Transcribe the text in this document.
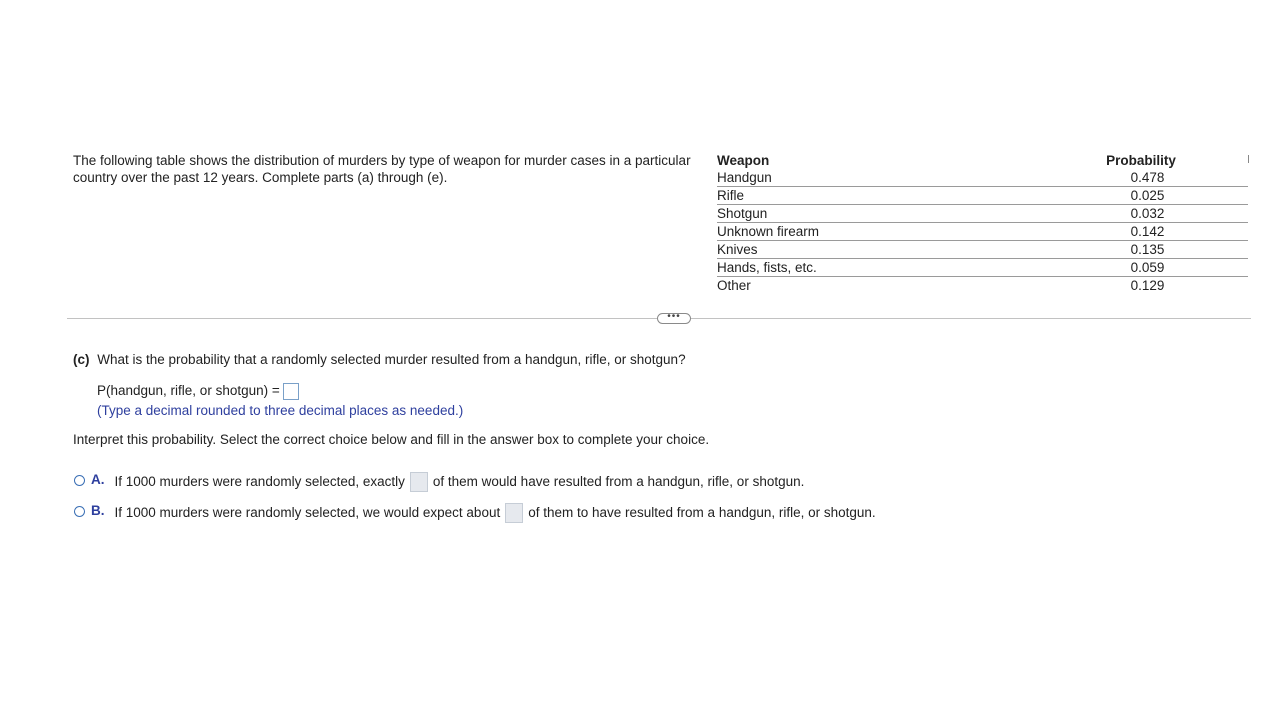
The following table shows the distribution of murders by type of weapon for murder cases in a particular country over the past 12 years. Complete parts (a) through (e).
Weapon	Probability
Handgun	0.478
Rifle	0.025
Shotgun	0.032
Unknown firearm	0.142
Knives	0.135
Hands, fists, etc.	0.059
Other	0.129
•••
(c) What is the probability that a randomly selected murder resulted from a handgun, rifle, or shotgun?
P(handgun, rifle, or shotgun) =
(Type a decimal rounded to three decimal places as needed.)
Interpret this probability. Select the correct choice below and fill in the answer box to complete your choice.
A. If 1000 murders were randomly selected, exactly of them would have resulted from a handgun, rifle, or shotgun.
B. If 1000 murders were randomly selected, we would expect about of them to have resulted from a handgun, rifle, or shotgun.
